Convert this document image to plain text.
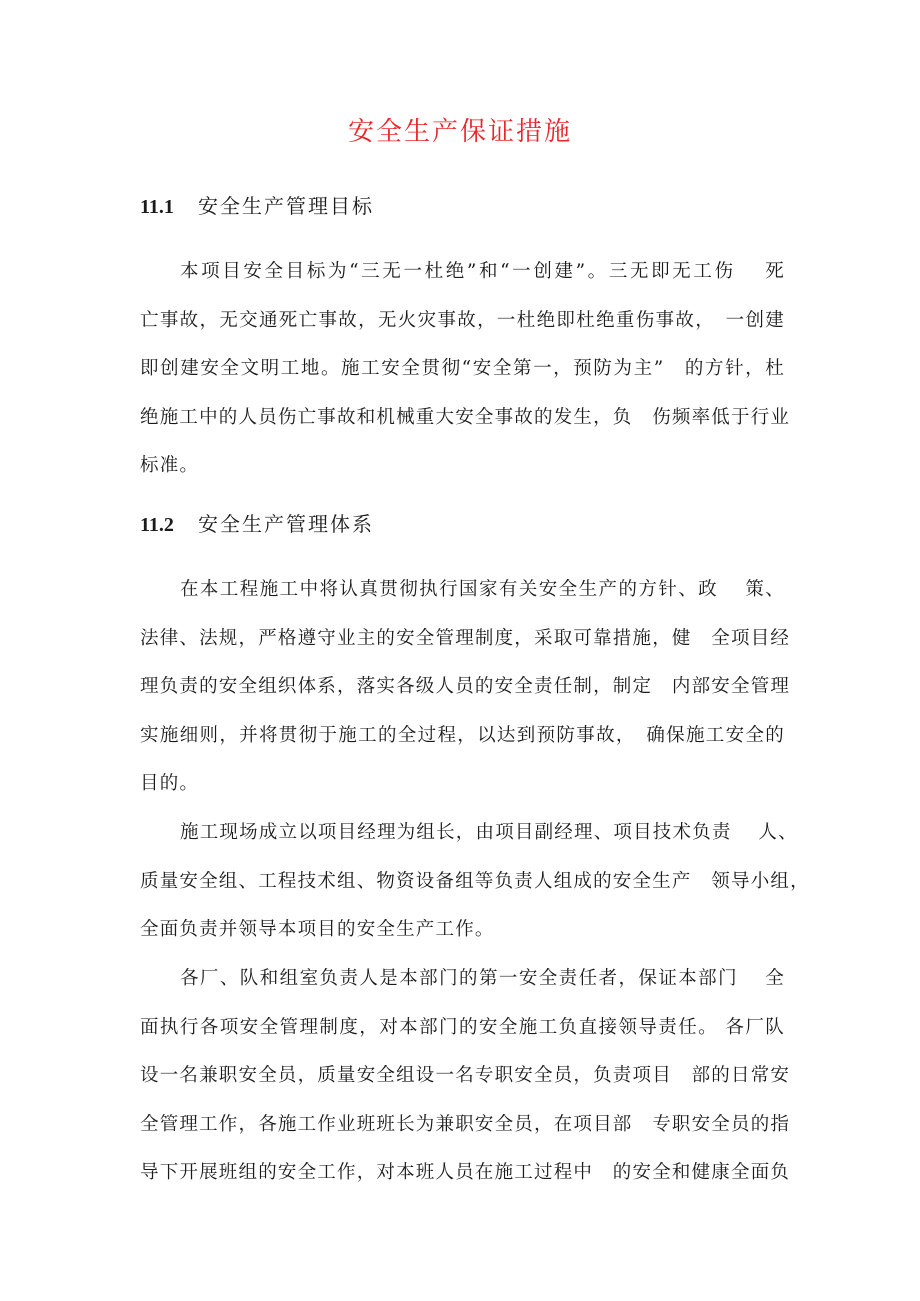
安全生产保证措施
11.1 安全生产管理目标
本项目安全目标为“三无一杜绝”和“一创建”。三无即无工伤　 死
亡事故，无交通死亡事故，无火灾事故，一杜绝即杜绝重伤事故，　一创建
即创建安全文明工地。施工安全贯彻“安全第一，预防为主”　的方针，杜
绝施工中的人员伤亡事故和机械重大安全事故的发生，负　伤频率低于行业
标准。
11.2 安全生产管理体系
在本工程施工中将认真贯彻执行国家有关安全生产的方针、政　 策、
法律、法规，严格遵守业主的安全管理制度，采取可靠措施，健　全项目经
理负责的安全组织体系，落实各级人员的安全责任制，制定　内部安全管理
实施细则，并将贯彻于施工的全过程，以达到预防事故，　确保施工安全的
目的。
施工现场成立以项目经理为组长，由项目副经理、项目技术负责　 人、
质量安全组、工程技术组、物资设备组等负责人组成的安全生产　领导小组，
全面负责并领导本项目的安全生产工作。
各厂、队和组室负责人是本部门的第一安全责任者，保证本部门　 全
面执行各项安全管理制度，对本部门的安全施工负直接领导责任。 各厂队
设一名兼职安全员，质量安全组设一名专职安全员，负责项目　部的日常安
全管理工作，各施工作业班班长为兼职安全员，在项目部　专职安全员的指
导下开展班组的安全工作，对本班人员在施工过程中　的安全和健康全面负
